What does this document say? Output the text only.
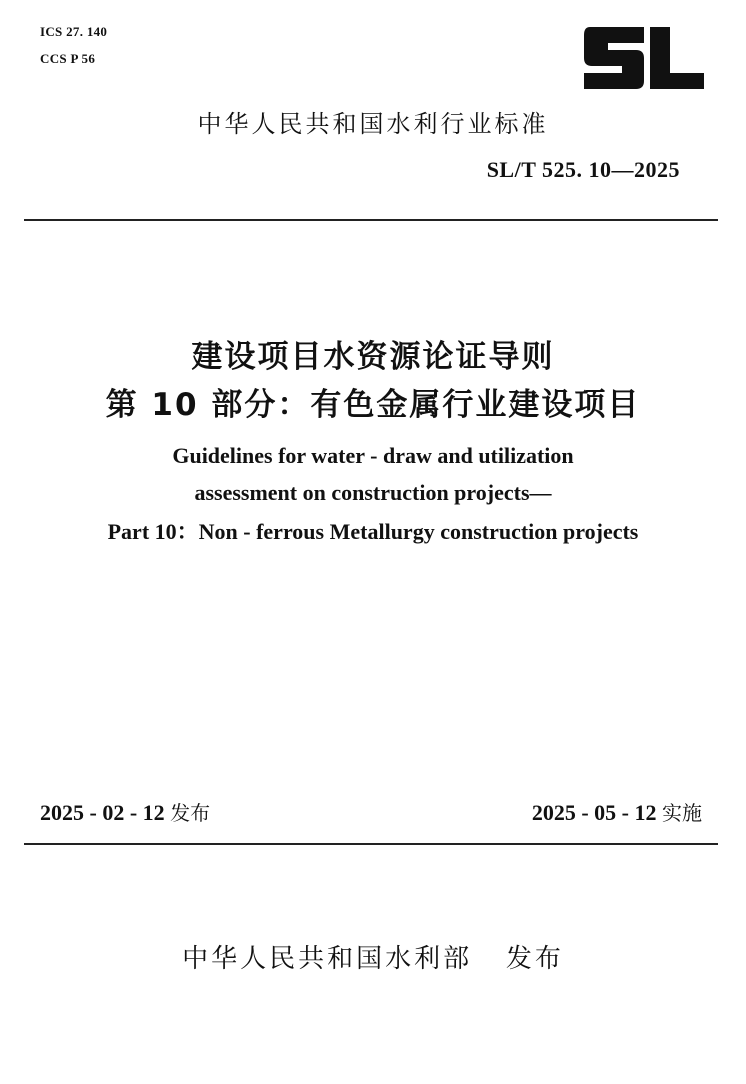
ICS 27. 140
CCS P 56
中华人民共和国水利行业标准
SL/T 525. 10—2025
建设项目水资源论证导则
第 10 部分：有色金属行业建设项目
Guidelines for water - draw and utilization
assessment on construction projects—
Part 10：Non - ferrous Metallurgy construction projects
2025 - 02 - 12 发布	2025 - 05 - 12 实施
中华人民共和国水利部 发布
